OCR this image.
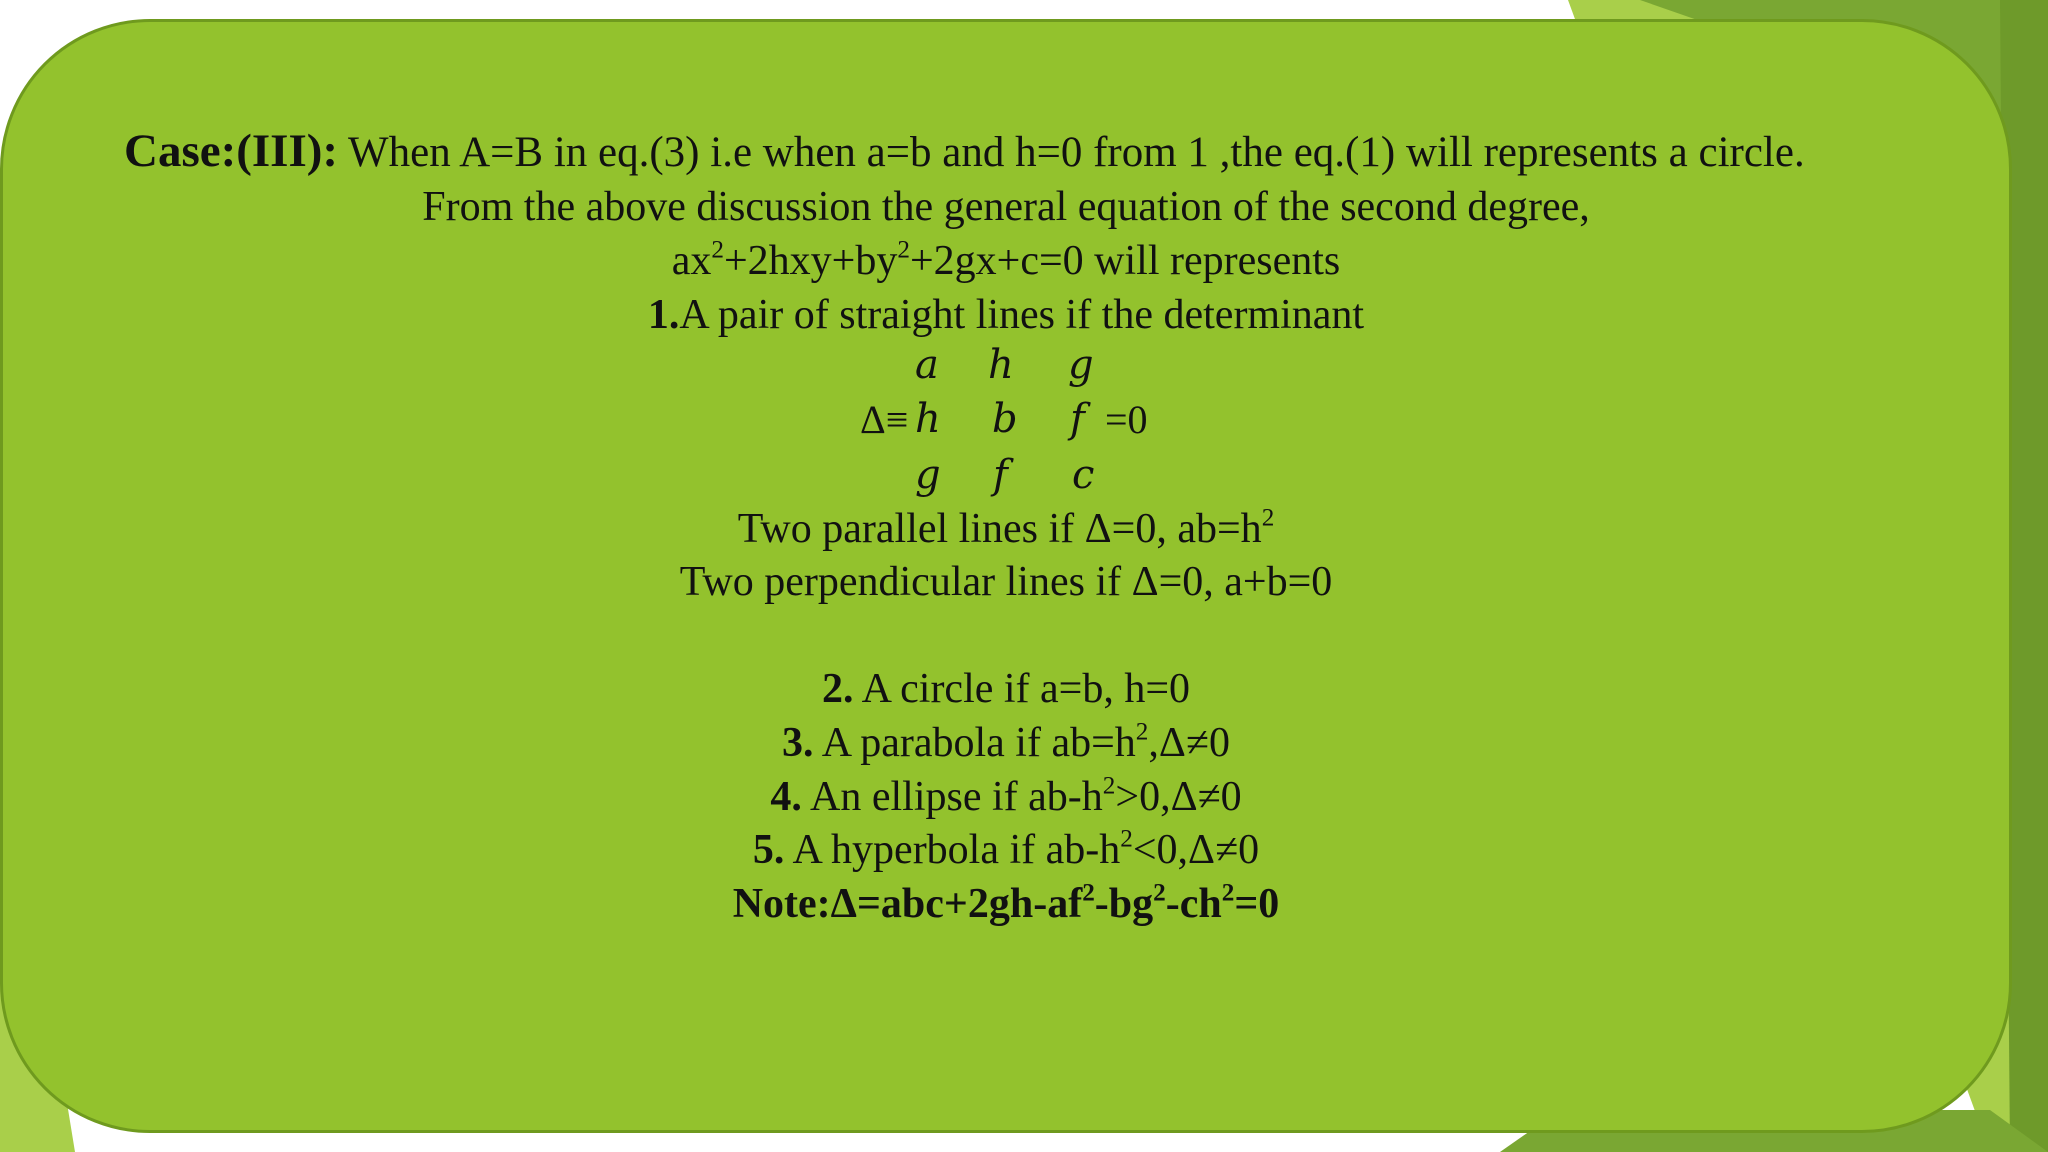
Case:(III): When A=B in eq.(3) i.e when a=b and h=0 from 1 ,the eq.(1) will represents a circle.
From the above discussion the general equation of the second degree,
$ax^2+2hxy+by^2+2gx+c=0$ will represents
1.A pair of straight lines if the determinant
a h g
Δ≡ h b f =0
g f c
Two parallel lines if Δ=0, $ab=h^2$
Two perpendicular lines if Δ=0, a+b=0
2. A circle if a=b, h=0
3. A parabola if $ab=h^2,\Delta\ne 0$
4. An ellipse if $ab-h^2>0,\Delta\ne 0$
5. A hyperbola if $ab-h^2<0,\Delta\ne 0$
$Note:\Delta=abc+2gh-af^2-bg^2-ch^2=0$
